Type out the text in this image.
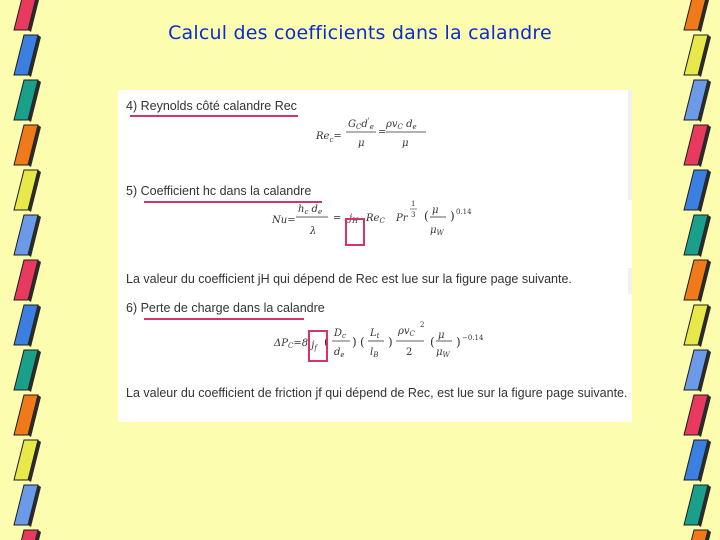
Calcul des coefficients dans la calandre
4) Reynolds côté calandre Rec
$Re_c=$
$G_Cd'_e$
μ
=
$\rho v_C$ $d_e$
μ
5) Coefficient hc dans la calandre
Nu=
$h_c$ $d_e$
λ
= $j_H$ $Re_C$ Pr
1
3 ( μ
$\mu_W$
) 0.14
La valeur du coefficient jH qui dépend de Rec est lue sur la figure page suivante.
6) Perte de charge dans la calandre
$\Delta P_C=8$ $j_f$ (
$D_c$
$d_e$
) (
$L_t$
$l_B$
)
$\rho v_C$
2
2
( μ
$\mu_W$
) −0.14
La valeur du coefficient de friction jf qui dépend de Rec, est lue sur la figure page suivante.
